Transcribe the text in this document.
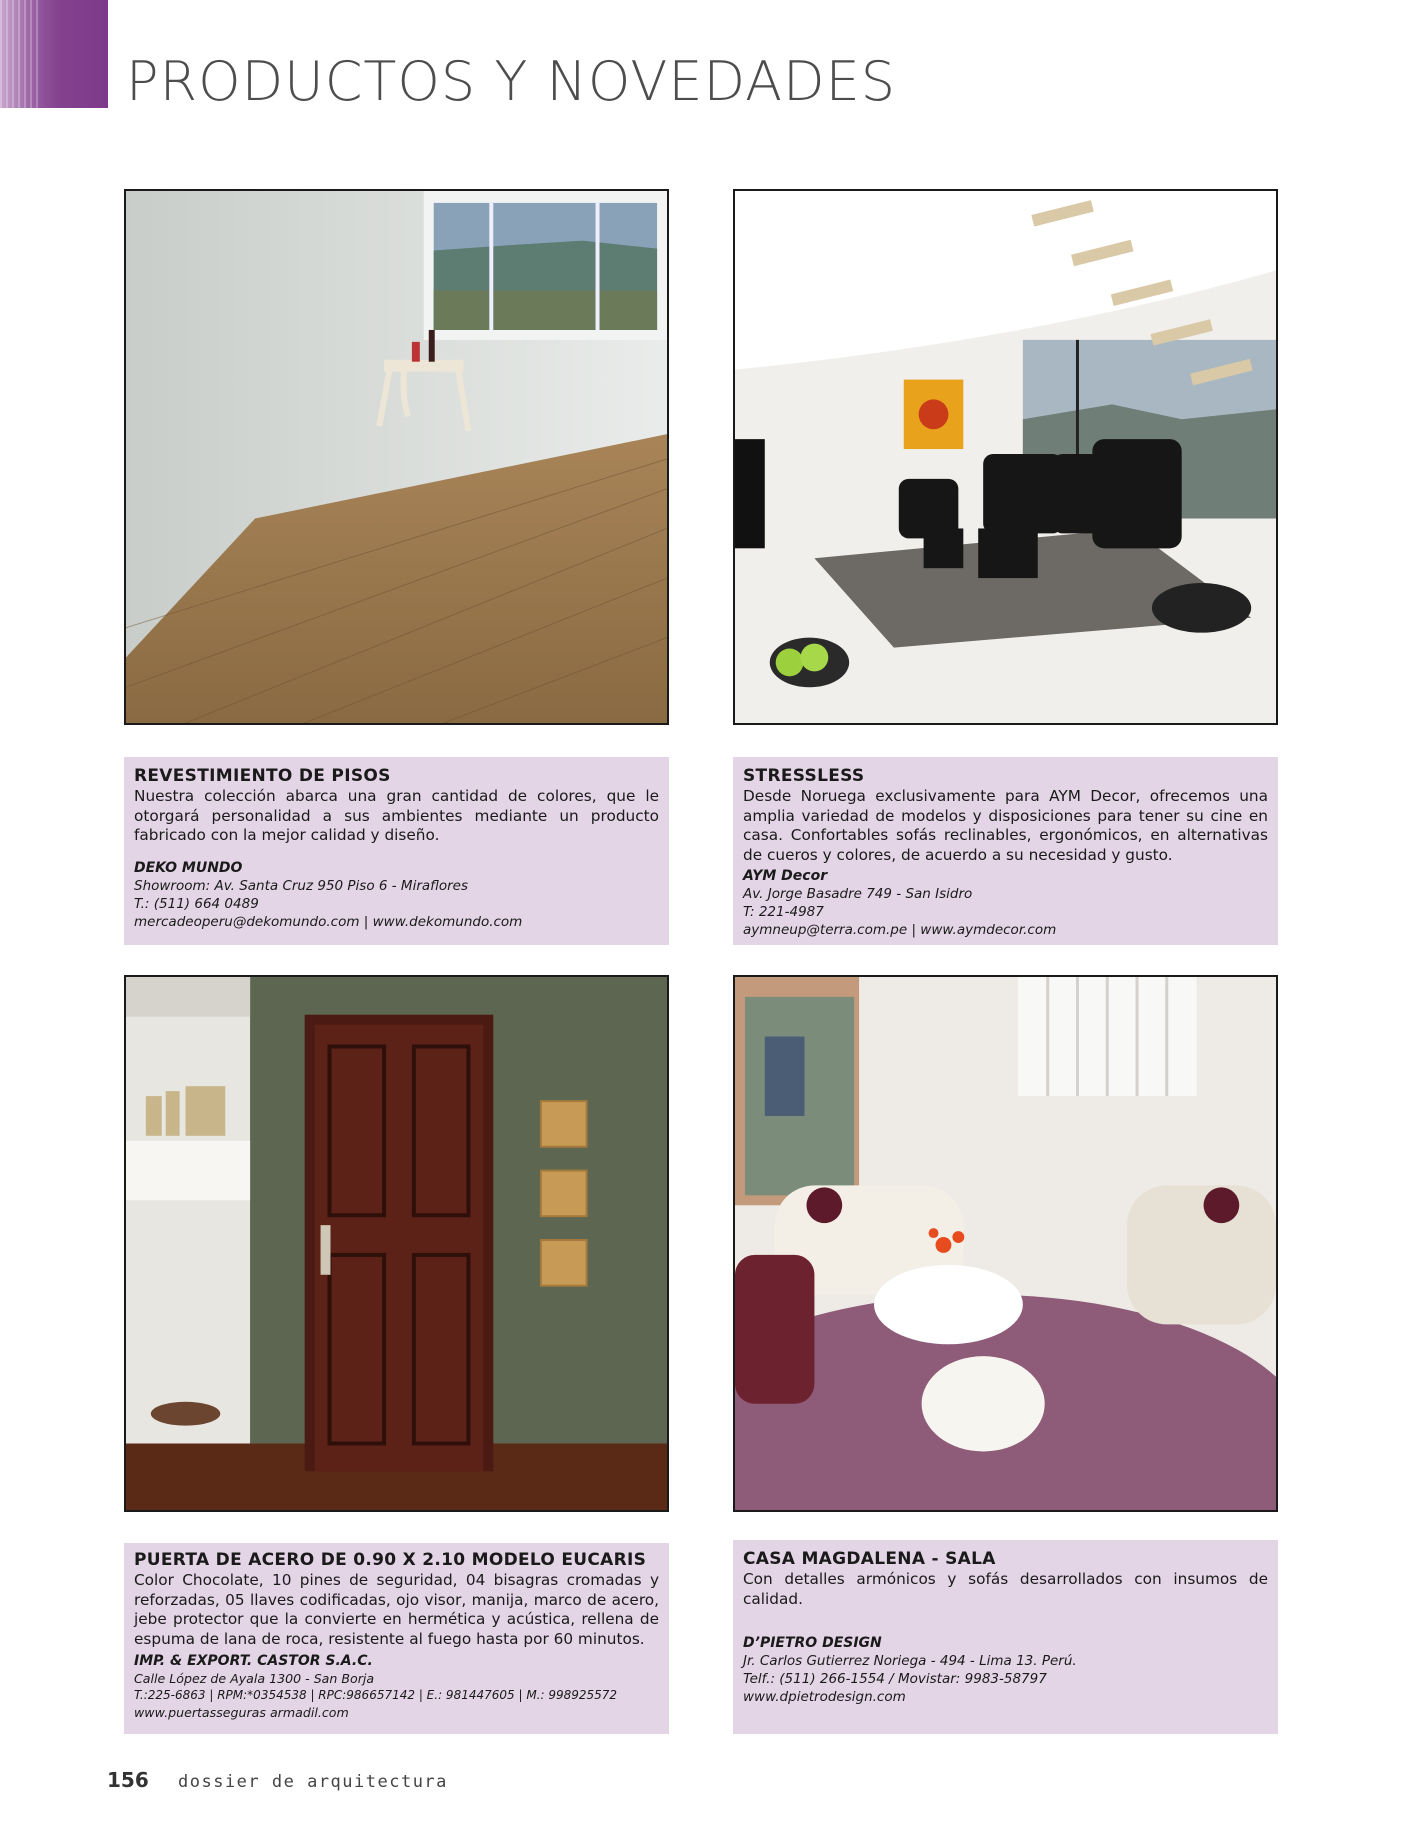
PRODUCTOS Y NOVEDADES
REVESTIMIENTO DE PISOS

Nuestra colección abarca una gran cantidad de colores, que le otorgará personalidad a sus ambientes mediante un producto fabricado con la mejor calidad y diseño.

DEKO MUNDO
Showroom: Av. Santa Cruz 950 Piso 6 - Miraflores
T.: (511) 664 0489
mercadeoperu@dekomundo.com | www.dekomundo.com
STRESSLESS

Desde Noruega exclusivamente para AYM Decor, ofrecemos una amplia variedad de modelos y disposiciones para tener su cine en casa. Confortables sofás reclinables, ergonómicos, en alternativas de cueros y colores, de acuerdo a su necesidad y gusto.

AYM Decor
Av. Jorge Basadre 749 - San Isidro
T: 221-4987
aymneup@terra.com.pe | www.aymdecor.com
PUERTA DE ACERO DE 0.90 X 2.10 MODELO EUCARIS

Color Chocolate, 10 pines de seguridad, 04 bisagras cromadas y reforzadas, 05 llaves codificadas, ojo visor, manija, marco de acero, jebe protector que la convierte en hermética y acústica, rellena de espuma de lana de roca, resistente al fuego hasta por 60 minutos.

IMP. & EXPORT. CASTOR S.A.C.
Calle López de Ayala 1300 - San Borja
T.:225-6863 | RPM:*0354538 | RPC:986657142 | E.: 981447605 | M.: 998925572
www.puertasseguras armadil.com
CASA MAGDALENA - SALA

Con detalles armónicos y sofás desarrollados con insumos de calidad.

D’PIETRO DESIGN
Jr. Carlos Gutierrez Noriega - 494 - Lima 13. Perú.
Telf.: (511) 266-1554 / Movistar: 9983-58797
www.dpietrodesign.com
156 dossier de arquitectura
